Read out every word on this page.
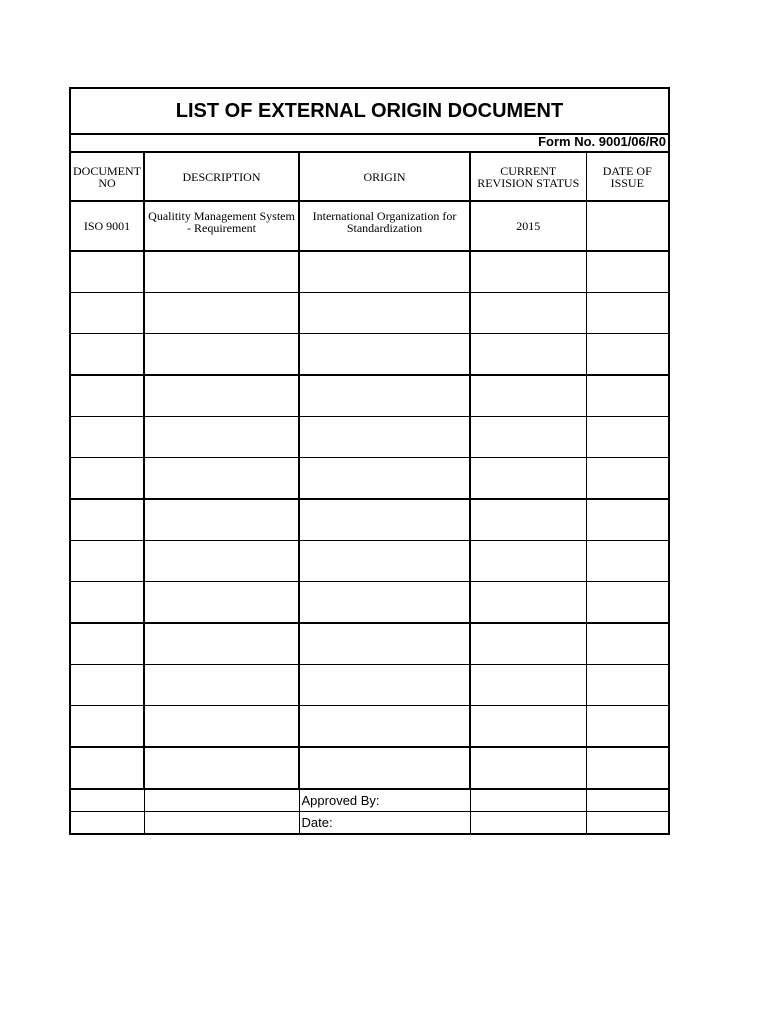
LIST OF EXTERNAL ORIGIN DOCUMENT
Form No. 9001/06/R0
DOCUMENT NO	DESCRIPTION	ORIGIN	CURRENT REVISION STATUS	DATE OF ISSUE
ISO 9001	Qualitity Management System - Requirement	International Organization for Standardization	2015	

		Approved By:		
		Date:		
